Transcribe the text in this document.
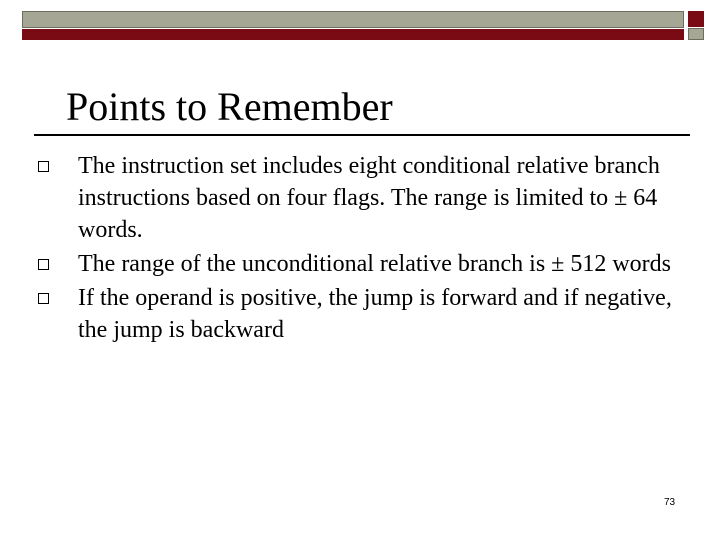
Points to Remember
The instruction set includes eight conditional relative branch instructions based on four flags. The range is limited to ± 64 words.
The range of the unconditional relative branch is ± 512 words
If the operand is positive, the jump is forward and if negative, the jump is backward
73
